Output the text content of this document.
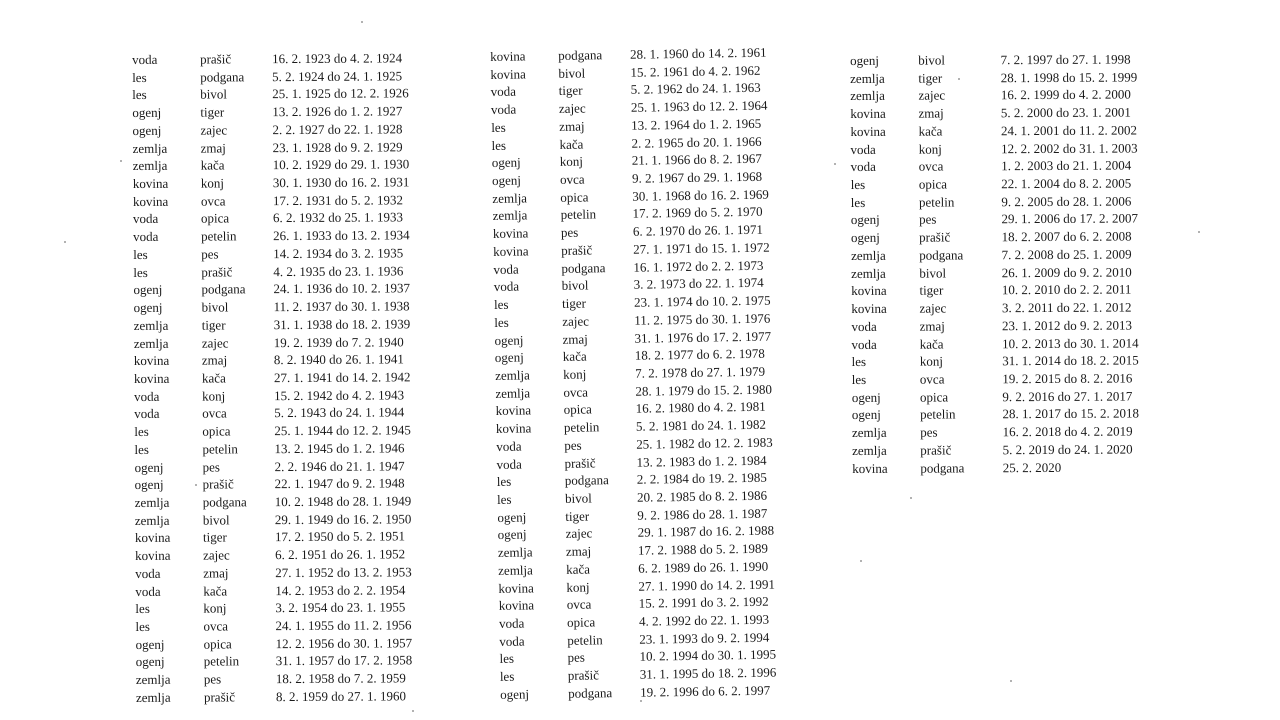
voda	prašič	16. 2. 1923 do 4. 2. 1924
les	podgana	5. 2. 1924 do 24. 1. 1925
les	bivol	25. 1. 1925 do 12. 2. 1926
ogenj	tiger	13. 2. 1926 do 1. 2. 1927
ogenj	zajec	2. 2. 1927 do 22. 1. 1928
zemlja	zmaj	23. 1. 1928 do 9. 2. 1929
zemlja	kača	10. 2. 1929 do 29. 1. 1930
kovina	konj	30. 1. 1930 do 16. 2. 1931
kovina	ovca	17. 2. 1931 do 5. 2. 1932
voda	opica	6. 2. 1932 do 25. 1. 1933
voda	petelin	26. 1. 1933 do 13. 2. 1934
les	pes	14. 2. 1934 do 3. 2. 1935
les	prašič	4. 2. 1935 do 23. 1. 1936
ogenj	podgana	24. 1. 1936 do 10. 2. 1937
ogenj	bivol	11. 2. 1937 do 30. 1. 1938
zemlja	tiger	31. 1. 1938 do 18. 2. 1939
zemlja	zajec	19. 2. 1939 do 7. 2. 1940
kovina	zmaj	8. 2. 1940 do 26. 1. 1941
kovina	kača	27. 1. 1941 do 14. 2. 1942
voda	konj	15. 2. 1942 do 4. 2. 1943
voda	ovca	5. 2. 1943 do 24. 1. 1944
les	opica	25. 1. 1944 do 12. 2. 1945
les	petelin	13. 2. 1945 do 1. 2. 1946
ogenj	pes	2. 2. 1946 do 21. 1. 1947
ogenj	prašič	22. 1. 1947 do 9. 2. 1948
zemlja	podgana	10. 2. 1948 do 28. 1. 1949
zemlja	bivol	29. 1. 1949 do 16. 2. 1950
kovina	tiger	17. 2. 1950 do 5. 2. 1951
kovina	zajec	6. 2. 1951 do 26. 1. 1952
voda	zmaj	27. 1. 1952 do 13. 2. 1953
voda	kača	14. 2. 1953 do 2. 2. 1954
les	konj	3. 2. 1954 do 23. 1. 1955
les	ovca	24. 1. 1955 do 11. 2. 1956
ogenj	opica	12. 2. 1956 do 30. 1. 1957
ogenj	petelin	31. 1. 1957 do 17. 2. 1958
zemlja	pes	18. 2. 1958 do 7. 2. 1959
zemlja	prašič	8. 2. 1959 do 27. 1. 1960
kovina	podgana	28. 1. 1960 do 14. 2. 1961
kovina	bivol	15. 2. 1961 do 4. 2. 1962
voda	tiger	5. 2. 1962 do 24. 1. 1963
voda	zajec	25. 1. 1963 do 12. 2. 1964
les	zmaj	13. 2. 1964 do 1. 2. 1965
les	kača	2. 2. 1965 do 20. 1. 1966
ogenj	konj	21. 1. 1966 do 8. 2. 1967
ogenj	ovca	9. 2. 1967 do 29. 1. 1968
zemlja	opica	30. 1. 1968 do 16. 2. 1969
zemlja	petelin	17. 2. 1969 do 5. 2. 1970
kovina	pes	6. 2. 1970 do 26. 1. 1971
kovina	prašič	27. 1. 1971 do 15. 1. 1972
voda	podgana	16. 1. 1972 do 2. 2. 1973
voda	bivol	3. 2. 1973 do 22. 1. 1974
les	tiger	23. 1. 1974 do 10. 2. 1975
les	zajec	11. 2. 1975 do 30. 1. 1976
ogenj	zmaj	31. 1. 1976 do 17. 2. 1977
ogenj	kača	18. 2. 1977 do 6. 2. 1978
zemlja	konj	7. 2. 1978 do 27. 1. 1979
zemlja	ovca	28. 1. 1979 do 15. 2. 1980
kovina	opica	16. 2. 1980 do 4. 2. 1981
kovina	petelin	5. 2. 1981 do 24. 1. 1982
voda	pes	25. 1. 1982 do 12. 2. 1983
voda	prašič	13. 2. 1983 do 1. 2. 1984
les	podgana	2. 2. 1984 do 19. 2. 1985
les	bivol	20. 2. 1985 do 8. 2. 1986
ogenj	tiger	9. 2. 1986 do 28. 1. 1987
ogenj	zajec	29. 1. 1987 do 16. 2. 1988
zemlja	zmaj	17. 2. 1988 do 5. 2. 1989
zemlja	kača	6. 2. 1989 do 26. 1. 1990
kovina	konj	27. 1. 1990 do 14. 2. 1991
kovina	ovca	15. 2. 1991 do 3. 2. 1992
voda	opica	4. 2. 1992 do 22. 1. 1993
voda	petelin	23. 1. 1993 do 9. 2. 1994
les	pes	10. 2. 1994 do 30. 1. 1995
les	prašič	31. 1. 1995 do 18. 2. 1996
ogenj	podgana	19. 2. 1996 do 6. 2. 1997
ogenj	bivol	7. 2. 1997 do 27. 1. 1998
zemlja	tiger	28. 1. 1998 do 15. 2. 1999
zemlja	zajec	16. 2. 1999 do 4. 2. 2000
kovina	zmaj	5. 2. 2000 do 23. 1. 2001
kovina	kača	24. 1. 2001 do 11. 2. 2002
voda	konj	12. 2. 2002 do 31. 1. 2003
voda	ovca	1. 2. 2003 do 21. 1. 2004
les	opica	22. 1. 2004 do 8. 2. 2005
les	petelin	9. 2. 2005 do 28. 1. 2006
ogenj	pes	29. 1. 2006 do 17. 2. 2007
ogenj	prašič	18. 2. 2007 do 6. 2. 2008
zemlja	podgana	7. 2. 2008 do 25. 1. 2009
zemlja	bivol	26. 1. 2009 do 9. 2. 2010
kovina	tiger	10. 2. 2010 do 2. 2. 2011
kovina	zajec	3. 2. 2011 do 22. 1. 2012
voda	zmaj	23. 1. 2012 do 9. 2. 2013
voda	kača	10. 2. 2013 do 30. 1. 2014
les	konj	31. 1. 2014 do 18. 2. 2015
les	ovca	19. 2. 2015 do 8. 2. 2016
ogenj	opica	9. 2. 2016 do 27. 1. 2017
ogenj	petelin	28. 1. 2017 do 15. 2. 2018
zemlja	pes	16. 2. 2018 do 4. 2. 2019
zemlja	prašič	5. 2. 2019 do 24. 1. 2020
kovina	podgana	25. 2. 2020
